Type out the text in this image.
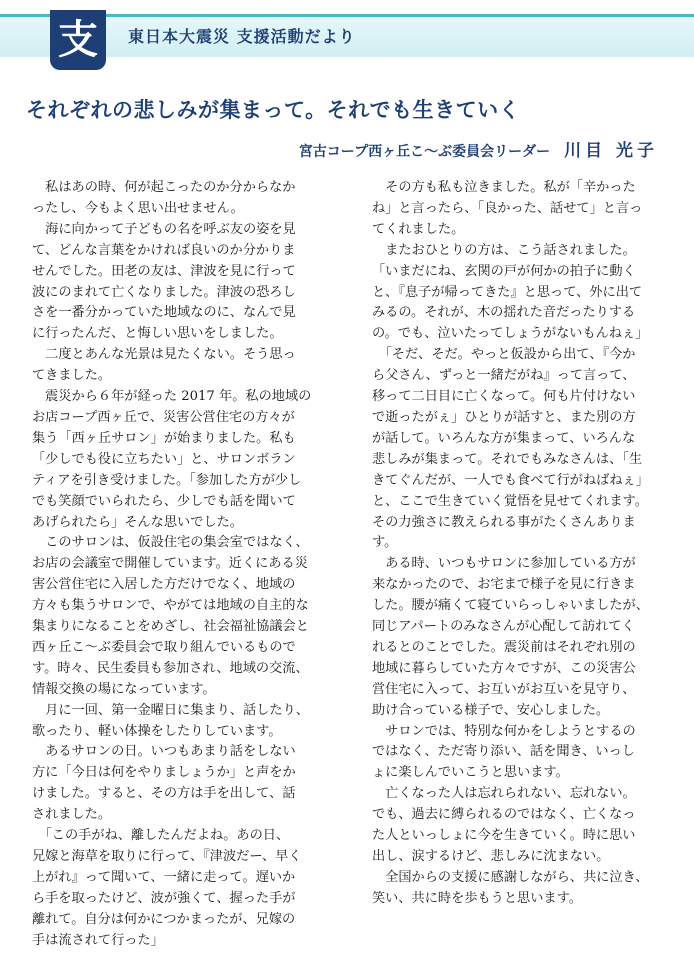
支	東日本大震災 支援活動だより
それぞれの悲しみが集まって。それでも生きていく
宮古コープ西ヶ丘こ～ぶ委員会リーダー 川目 光子

　私はあの時、何が起こったのか分からなか

ったし、今もよく思い出せません。

　海に向かって子どもの名を呼ぶ友の姿を見

て、どんな言葉をかければ良いのか分かりま

せんでした。田老の友は、津波を見に行って

波にのまれて亡くなりました。津波の恐ろし

さを一番分かっていた地域なのに、なんで見

に行ったんだ、と悔しい思いをしました。

　二度とあんな光景は見たくない。そう思っ

てきました。

　震災から６年が経った 2017 年。私の地域の

お店コープ西ヶ丘で、災害公営住宅の方々が

集う「西ヶ丘サロン」が始まりました。私も

「少しでも役に立ちたい」と、サロンボラン

ティアを引き受けました。「参加した方が少し

でも笑顔でいられたら、少しでも話を聞いて

あげられたら」そんな思いでした。

　このサロンは、仮設住宅の集会室ではなく、

お店の会議室で開催しています。近くにある災

害公営住宅に入居した方だけでなく、地域の

方々も集うサロンで、やがては地域の自主的な

集まりになることをめざし、社会福祉協議会と

西ヶ丘こ～ぶ委員会で取り組んでいるもので

す。時々、民生委員も参加され、地域の交流、

情報交換の場になっています。

　月に一回、第一金曜日に集まり、話したり、

歌ったり、軽い体操をしたりしています。

　あるサロンの日。いつもあまり話をしない

方に「今日は何をやりましょうか」と声をか

けました。すると、その方は手を出して、話

されました。

　「この手がね、離したんだよね。あの日、

兄嫁と海草を取りに行って、『津波だー、早く

上がれ』って聞いて、一緒に走って。遅いか

ら手を取ったけど、波が強くて、握った手が

離れて。自分は何かにつかまったが、兄嫁の

手は流されて行った」

　その方も私も泣きました。私が「辛かった

ね」と言ったら、「良かった、話せて」と言っ

てくれました。

　またおひとりの方は、こう話されました。

「いまだにね、玄関の戸が何かの拍子に動く

と、『息子が帰ってきた』と思って、外に出て

みるの。それが、木の揺れた音だったりする

の。でも、泣いたってしょうがないもんねぇ」

　「そだ、そだ。やっと仮設から出て、『今か

ら父さん、ずっと一緒だがね』って言って、

移って二日目に亡くなって。何も片付けない

で逝ったがぇ」ひとりが話すと、また別の方

が話して。いろんな方が集まって、いろんな

悲しみが集まって。それでもみなさんは、「生

きてぐんだが、一人でも食べて行がねばねぇ」

と、ここで生きていく覚悟を見せてくれます。

その力強さに教えられる事がたくさんありま

す。

　ある時、いつもサロンに参加している方が

来なかったので、お宅まで様子を見に行きま

した。腰が痛くて寝ていらっしゃいましたが、

同じアパートのみなさんが心配して訪れてく

れるとのことでした。震災前はそれぞれ別の

地域に暮らしていた方々ですが、この災害公

営住宅に入って、お互いがお互いを見守り、

助け合っている様子で、安心しました。

　サロンでは、特別な何かをしようとするの

ではなく、ただ寄り添い、話を聞き、いっし

ょに楽しんでいこうと思います。

　亡くなった人は忘れられない、忘れない。

でも、過去に縛られるのではなく、亡くなっ

た人といっしょに今を生きていく。時に思い

出し、涙するけど、悲しみに沈まない。

　全国からの支援に感謝しながら、共に泣き、

笑い、共に時を歩もうと思います。
